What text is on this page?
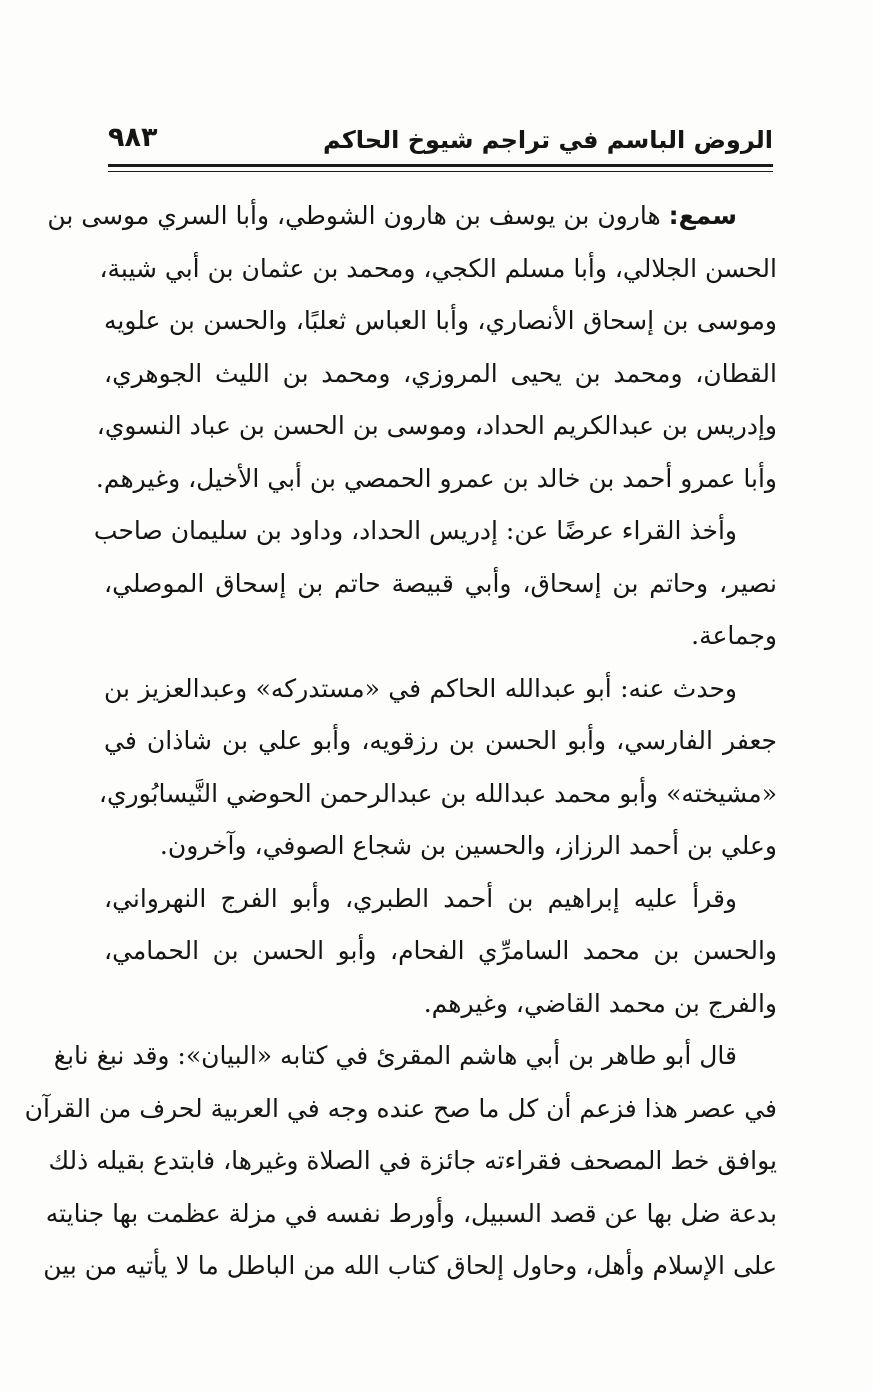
الروض الباسم في تراجم شيوخ الحاكم
٩٨٣
سمع: هارون بن يوسف بن هارون الشوطي، وأبا السري موسى بن
الحسن الجلالي، وأبا مسلم الكجي، ومحمد بن عثمان بن أبي شيبة،
وموسى بن إسحاق الأنصاري، وأبا العباس ثعلبًا، والحسن بن علويه
القطان، ومحمد بن يحيى المروزي، ومحمد بن الليث الجوهري،
وإدريس بن عبدالكريم الحداد، وموسى بن الحسن بن عباد النسوي،
وأبا عمرو أحمد بن خالد بن عمرو الحمصي بن أبي الأخيل، وغيرهم.
وأخذ القراء عرضًا عن: إدريس الحداد، وداود بن سليمان صاحب
نصير، وحاتم بن إسحاق، وأبي قبيصة حاتم بن إسحاق الموصلي،
وجماعة.
وحدث عنه: أبو عبدالله الحاكم في «مستدركه» وعبدالعزيز بن
جعفر الفارسي، وأبو الحسن بن رزقويه، وأبو علي بن شاذان في
«مشيخته» وأبو محمد عبدالله بن عبدالرحمن الحوضي النَّيسابُوري،
وعلي بن أحمد الرزاز، والحسين بن شجاع الصوفي، وآخرون.
وقرأ عليه إبراهيم بن أحمد الطبري، وأبو الفرج النهرواني،
والحسن بن محمد السامرِّي الفحام، وأبو الحسن بن الحمامي،
والفرج بن محمد القاضي، وغيرهم.
قال أبو طاهر بن أبي هاشم المقرئ في كتابه «البيان»: وقد نبغ نابغ
في عصر هذا فزعم أن كل ما صح عنده وجه في العربية لحرف من القرآن
يوافق خط المصحف فقراءته جائزة في الصلاة وغيرها، فابتدع بقيله ذلك
بدعة ضل بها عن قصد السبيل، وأورط نفسه في مزلة عظمت بها جنايته
على الإسلام وأهل، وحاول إلحاق كتاب الله من الباطل ما لا يأتيه من بين
